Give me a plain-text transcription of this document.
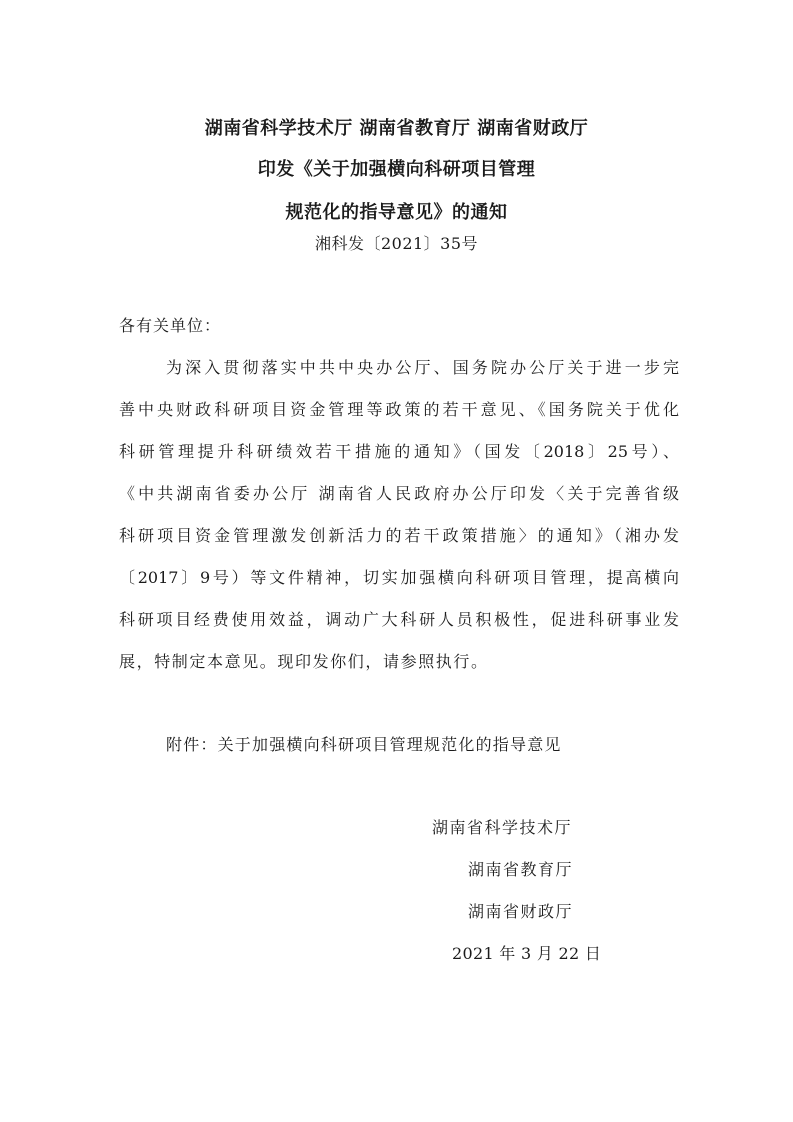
湖南省科学技术厅 湖南省教育厅 湖南省财政厅
印发《关于加强横向科研项目管理
规范化的指导意见》的通知
湘科发〔2021〕35号
各有关单位：
为深入贯彻落实中共中央办公厅、国务院办公厅关于进一步完
善中央财政科研项目资金管理等政策的若干意见、《国务院关于优化
科研管理提升科研绩效若干措施的通知》（国发〔2018〕25号）、
《中共湖南省委办公厅 湖南省人民政府办公厅印发〈关于完善省级
科研项目资金管理激发创新活力的若干政策措施〉的通知》（湘办发
〔2017〕9号）等文件精神，切实加强横向科研项目管理，提高横向
科研项目经费使用效益，调动广大科研人员积极性，促进科研事业发
展，特制定本意见。现印发你们，请参照执行。
附件：关于加强横向科研项目管理规范化的指导意见
湖南省科学技术厅
湖南省教育厅
湖南省财政厅
2021 年 3 月 22 日
